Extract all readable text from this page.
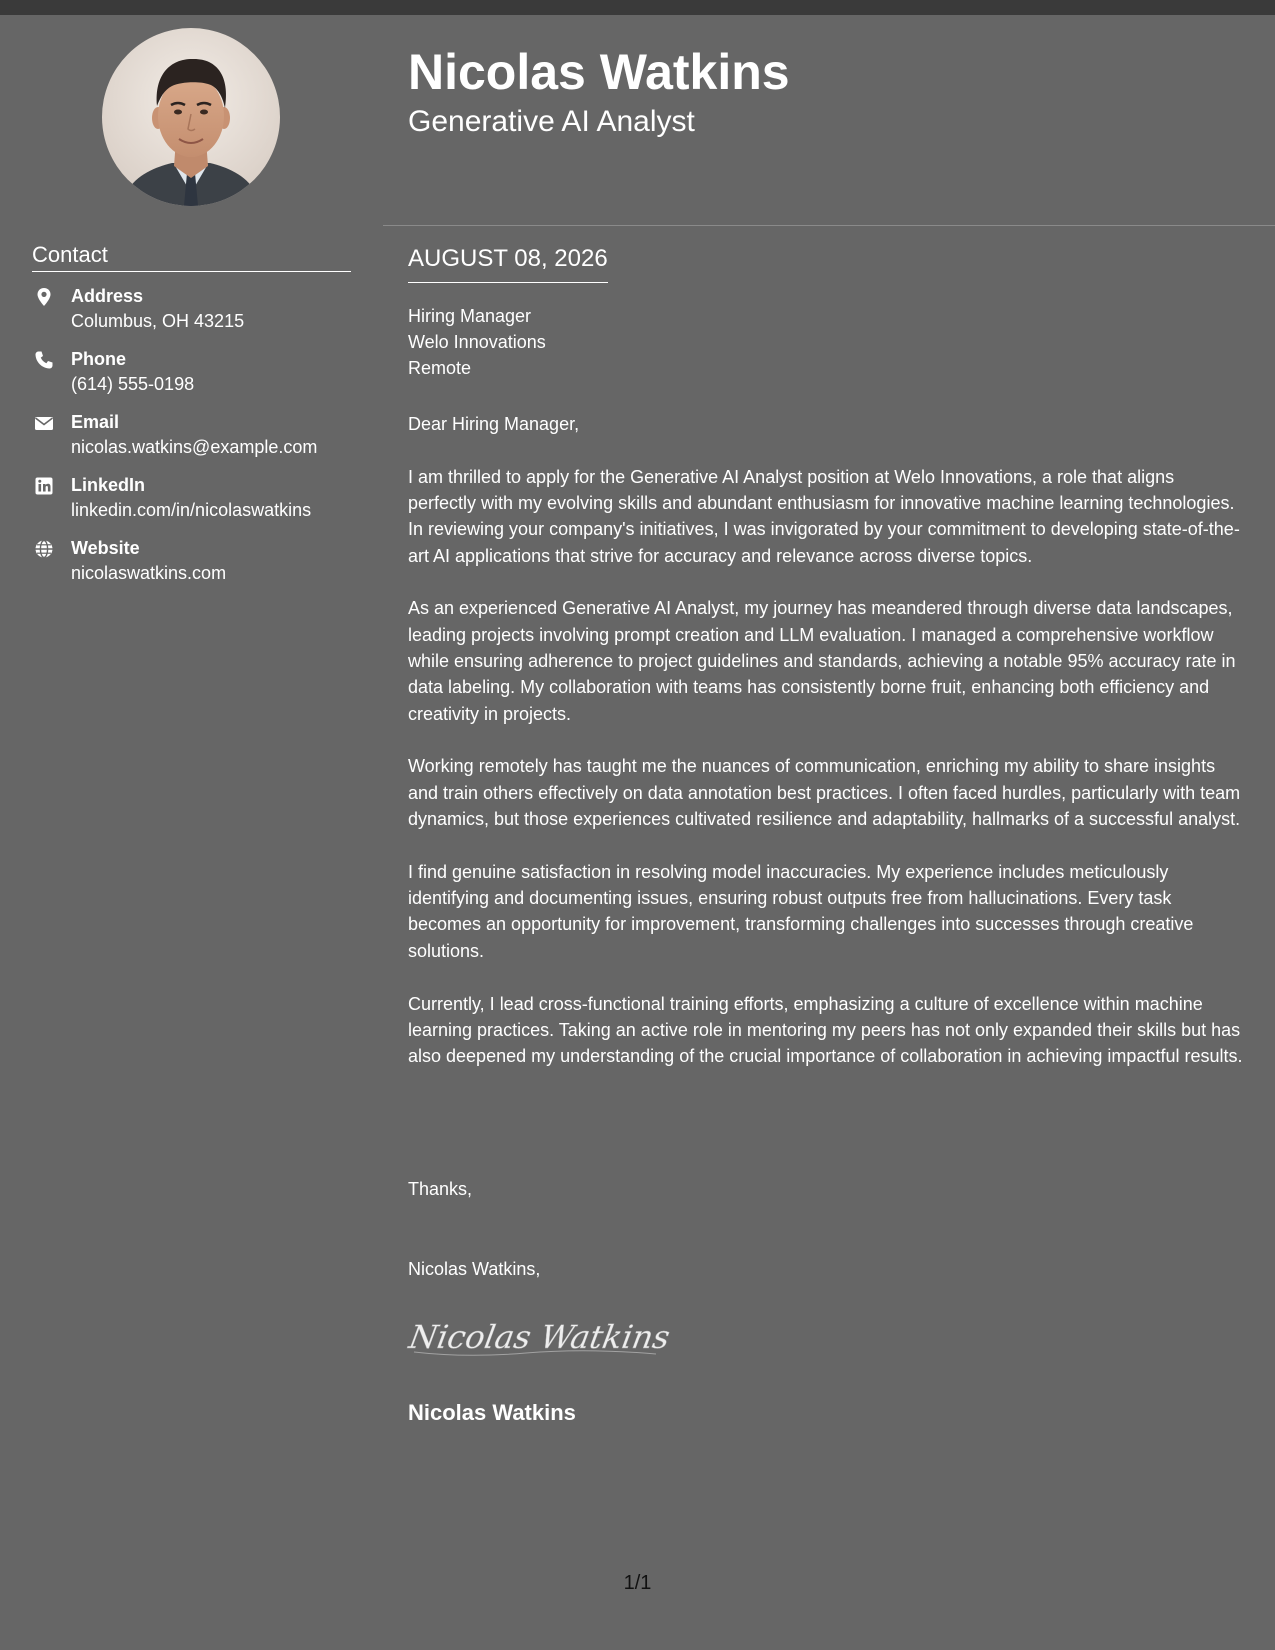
Contact
Address
Columbus, OH 43215
Phone
(614) 555-0198
Email
nicolas.watkins@example.com
LinkedIn
linkedin.com/in/nicolaswatkins
Website
nicolaswatkins.com
Nicolas Watkins
Generative AI Analyst
AUGUST 08, 2026
Hiring Manager
Welo Innovations
Remote

Dear Hiring Manager,

I am thrilled to apply for the Generative AI Analyst position at Welo Innovations, a role that aligns perfectly with my evolving skills and abundant enthusiasm for innovative machine learning technologies. In reviewing your company's initiatives, I was invigorated by your commitment to developing state-of-the-art AI applications that strive for accuracy and relevance across diverse topics.

As an experienced Generative AI Analyst, my journey has meandered through diverse data landscapes, leading projects involving prompt creation and LLM evaluation. I managed a comprehensive workflow while ensuring adherence to project guidelines and standards, achieving a notable 95% accuracy rate in data labeling. My collaboration with teams has consistently borne fruit, enhancing both efficiency and creativity in projects.

Working remotely has taught me the nuances of communication, enriching my ability to share insights and train others effectively on data annotation best practices. I often faced hurdles, particularly with team dynamics, but those experiences cultivated resilience and adaptability, hallmarks of a successful analyst.

I find genuine satisfaction in resolving model inaccuracies. My experience includes meticulously identifying and documenting issues, ensuring robust outputs free from hallucinations. Every task becomes an opportunity for improvement, transforming challenges into successes through creative solutions.

Currently, I lead cross-functional training efforts, emphasizing a culture of excellence within machine learning practices. Taking an active role in mentoring my peers has not only expanded their skills but has also deepened my understanding of the crucial importance of collaboration in achieving impactful results.

Thanks,
Nicolas Watkins,
Nicolas Watkins
Nicolas Watkins
1/1
